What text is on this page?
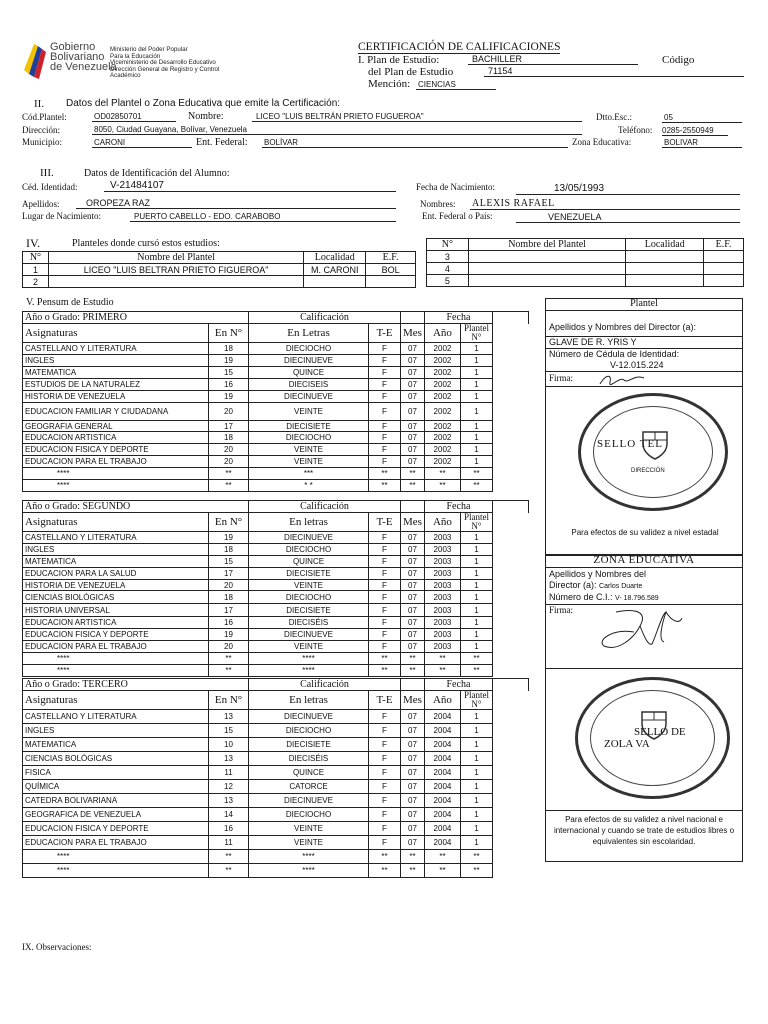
Gobierno
Bolivariano
de Venezuela
Ministerio del Poder Popular
Para la Educación
Viceministerio de Desarrollo Educativo
Dirección General de Registro y Control
Académico
CERTIFICACIÓN DE CALIFICACIONES
I. Plan de Estudio:	BACHILLER	Código
del Plan de Estudio	71154
Mención: CIENCIAS
II. Datos del Plantel o Zona Educativa que emite la Certificación:
Cód.Plantel:	OD02850701	Nombre:	LICEO "LUIS BELTRÁN PRIETO FUGUEROA"	Dtto.Esc.:	05
Dirección:	8050, Ciudad Guayana, Bolívar, Venezuela	Teléfono: 0285-2550949
Municipio:	CARONI	Ent. Federal: BOLÍVAR	Zona Educativa:	BOLIVAR
III.	Datos de Identificación del Alumno:
Céd. Identidad:	V-21484107	Fecha de Nacimiento:	13/05/1993
Apellidos:	OROPEZA RAZ	Nombres: ALEXIS RAFAEL
Lugar de Nacimiento:	PUERTO CABELLO - EDO. CARABOBO	Ent. Federal o País:	VENEZUELA
IV.	Planteles donde cursó estos estudios:
N°	Nombre del Plantel	Localidad	E.F.
1	LICEO "LUIS BELTRAN PRIETO FIGUEROA"	M. CARONI	BOL
2			
N°	Nombre del Plantel	Localidad	E.F.
3			
4			
5			
V. Pensum de Estudio
Año o Grado: PRIMERO		Calificación			Fecha		
Asignaturas	En N°	En Letras	T-E	Mes	Año	Plantel N°
CASTELLANO Y LITERATURA	18	DIECIOCHO	F	07	2002	1	
INGLES	19	DIECINUEVE	F	07	2002	1	
MATEMATICA	15	QUINCE	F	07	2002	1	
ESTUDIOS DE LA NATURALEZ	16	DIECISEIS	F	07	2002	1	
HISTORIA DE VENEZUELA	19	DIECINUEVE	F	07	2002	1	
EDUCACION FAMILIAR Y CIUDADANA	20	VEINTE	F	07	2002	1	
GEOGRAFIA GENERAL	17	DIECISIETE	F	07	2002	1	
EDUCACION ARTISTICA	18	DIECIOCHO	F	07	2002	1	
EDUCACION FISICA Y DEPORTE	20	VEINTE	F	07	2002	1	
EDUCACION PARA EL TRABAJO	20	VEINTE	F	07	2002	1	
****	**	***	**	**	**	**	
****	**	* *	**	**	**	**	
Año o Grado: SEGUNDO		Calificación			Fecha		
Asignaturas	En N°	En letras	T-E	Mes	Año	Plantel N°
CASTELLANO Y LITERATURA	19	DIECINUEVE	F	07	2003	1	
INGLES	18	DIECIOCHO	F	07	2003	1	
MATEMATICA	15	QUINCE	F	07	2003	1	
EDUCACION PARA LA SALUD	17	DIECISIETE	F	07	2003	1	
HISTORIA DE VENEZUELA	20	VEINTE	F	07	2003	1	
CIENCIAS BIOLÓGICAS	18	DIECIOCHO	F	07	2003	1	
HISTORIA UNIVERSAL	17	DIECISIETE	F	07	2003	1	
EDUCACION ARTISTICA	16	DIECISÉIS	F	07	2003	1	
EDUCACION FISICA Y DEPORTE	19	DIECINUEVE	F	07	2003	1	
EDUCACION PARA EL TRABAJO	20	VEINTE	F	07	2003	1	
****	**	****	**	**	**	**	
****	**	****	**	**	**	**	
Año o Grado: TERCERO		Calificación			Fecha		
Asignaturas	En N°	En letras	T-E	Mes	Año	Plantel N°
CASTELLANO Y LITERATURA	13	DIECINUEVE	F	07	2004	1	
INGLES	15	DIECIOCHO	F	07	2004	1	
MATEMATICA	10	DIECISIETE	F	07	2004	1	
CIENCIAS BOLÓGICAS	13	DIECISÉIS	F	07	2004	1	
FISICA	11	QUINCE	F	07	2004	1	
QUÍMICA	12	CATORCE	F	07	2004	1	
CATEDRA BOLIVARIANA	13	DIECINUEVE	F	07	2004	1	
GEOGRAFICA DE VENEZUELA	14	DIECIOCHO	F	07	2004	1	
EDUCACION FISICA Y DEPORTE	16	VEINTE	F	07	2004	1	
EDUCACION PARA EL TRABAJO	11	VEINTE	F	07	2004	1	
****	**	****	**	**	**	**	
****	**	****	**	**	**	**	
Plantel
Apellidos y Nombres del Director (a):
GLAVE DE R. YRIS Y
Número de Cédula de Identidad:
V-12.015.224
Firma:
SELLO TEL
DIRECCIÓN
Para efectos de su validez a nivel estadal
ZONA EDUCATIVA
Apellidos y Nombres del
Director (a): Carlos Duarte
Número de C.I.: V- 18.796.589
Firma:
SELLO DE
ZOLA VA
Para efectos de su validez a nivel nacional e internacional y cuando se trate de estudios libres o equivalentes sin escolaridad.
IX. Observaciones:
